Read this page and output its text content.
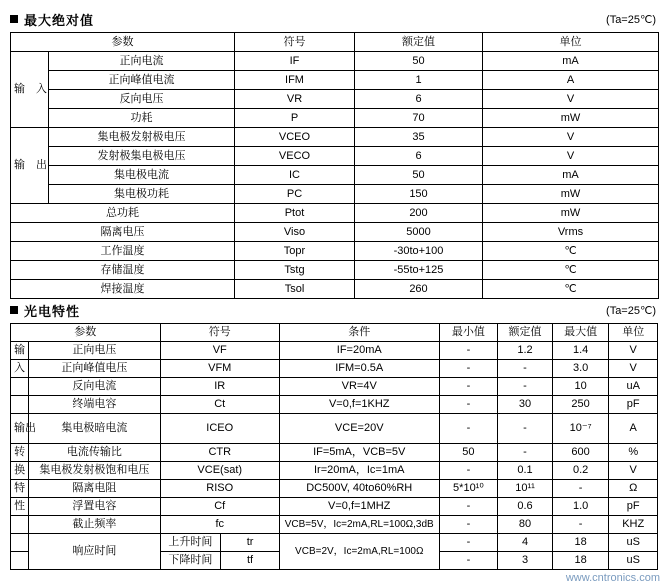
最大绝对值	(Ta=25℃)
参数		符号	额定值	单位
输　入	正向电流	IF	50	mA
	正向峰值电流	IFM	1	A
	反向电压	VR	6	V
	功耗	P	70	mW
输　出	集电极发射极电压	VCEO	35	V
	发射极集电极电压	VECO	6	V
	集电极电流	IC	50	mA
	集电极功耗	PC	150	mW
总功耗		Ptot	200	mW
隔离电压		Viso	5000	Vrms
工作温度		Topr	-30to+100	℃
存储温度		Tstg	-55to+125	℃
焊接温度		Tsol	260	℃
光电特性	(Ta=25℃)
参数		符号		条件	最小值	额定值	最大值	单位
输	正向电压	VF		IF=20mA	-	1.2	1.4	V
入	正向峰值电压	VFM		IFM=0.5A	-	-	3.0	V
	反向电流	IR		VR=4V	-	-	10	uA
	终端电容	Ct		V=0,f=1KHZ	-	30	250	pF
输出	集电极暗电流	ICEO		VCE=20V	-	-	10⁻⁷	A
转	电流传输比	CTR		IF=5mA，VCB=5V	50	-	600	%
换	集电极发射极饱和电压	VCE(sat)		Ir=20mA，Ic=1mA	-	0.1	0.2	V
特	隔离电阻	RISO		DC500V, 40to60%RH	5*10¹⁰	10¹¹	-	Ω
性	浮置电容	Cf		V=0,f=1MHZ	-	0.6	1.0	pF
	截止频率	fc		VCB=5V，Ic=2mA,RL=100Ω,3dB	-	80	-	KHZ
	响应时间	上升时间	tr	VCB=2V，Ic=2mA,RL=100Ω	-	4	18	uS
		下降时间	tf		-	3	18	uS
www.cntronics.com
